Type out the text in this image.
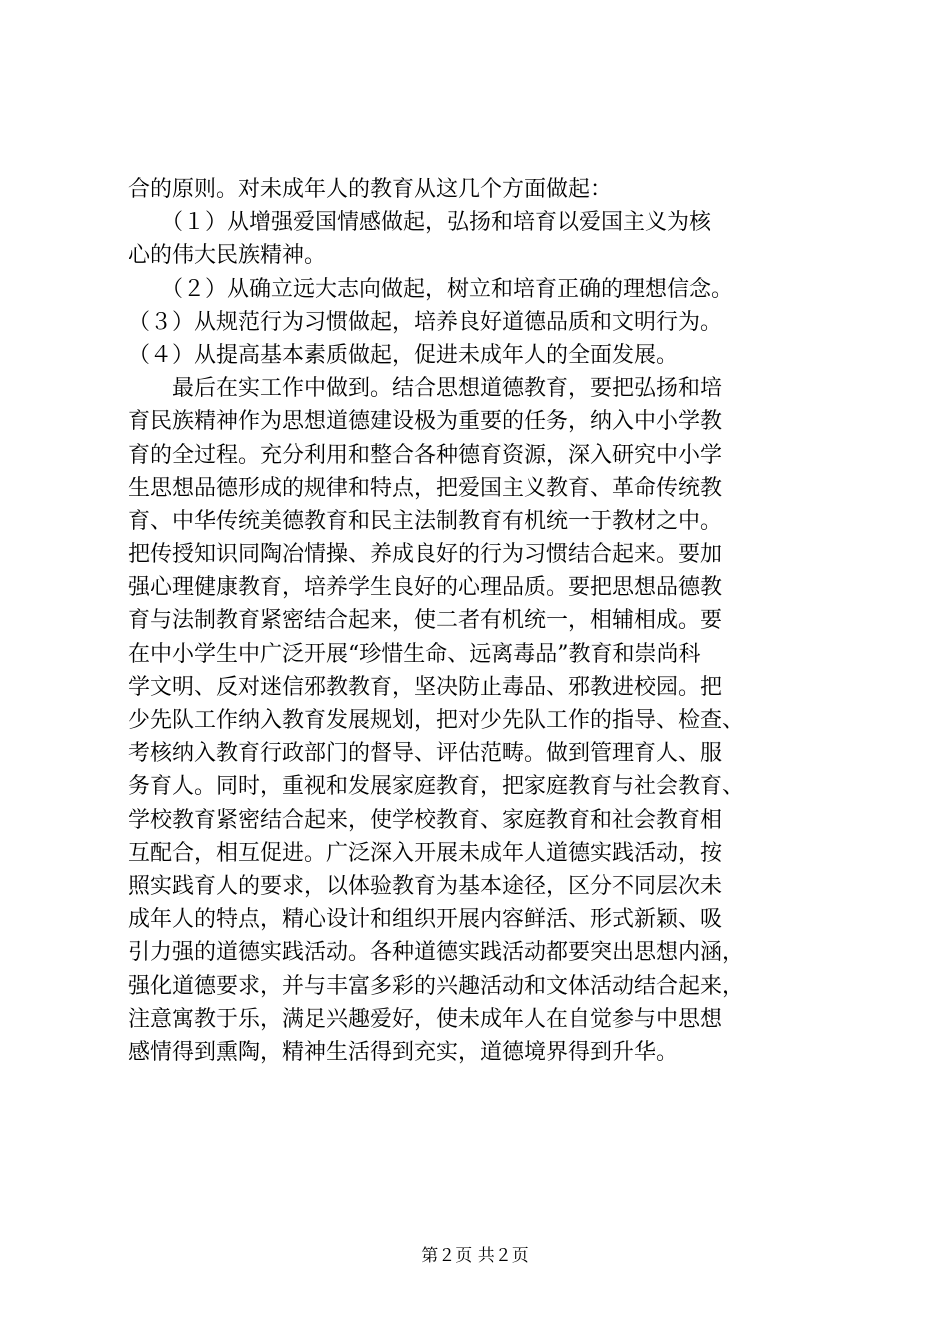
合的原则。对未成年人的教育从这几个方面做起：
　　（１）从增强爱国情感做起，弘扬和培育以爱国主义为核
心的伟大民族精神。
　　（２）从确立远大志向做起，树立和培育正确的理想信念。
（３）从规范行为习惯做起，培养良好道德品质和文明行为。
（４）从提高基本素质做起，促进未成年人的全面发展。
　　最后在实工作中做到。结合思想道德教育，要把弘扬和培
育民族精神作为思想道德建设极为重要的任务，纳入中小学教
育的全过程。充分利用和整合各种德育资源，深入研究中小学
生思想品德形成的规律和特点，把爱国主义教育、革命传统教
育、中华传统美德教育和民主法制教育有机统一于教材之中。
把传授知识同陶冶情操、养成良好的行为习惯结合起来。要加
强心理健康教育，培养学生良好的心理品质。要把思想品德教
育与法制教育紧密结合起来，使二者有机统一，相辅相成。要
在中小学生中广泛开展“珍惜生命、远离毒品”教育和崇尚科
学文明、反对迷信邪教教育，坚决防止毒品、邪教进校园。把
少先队工作纳入教育发展规划，把对少先队工作的指导、检查、
考核纳入教育行政部门的督导、评估范畴。做到管理育人、服
务育人。同时，重视和发展家庭教育，把家庭教育与社会教育、
学校教育紧密结合起来，使学校教育、家庭教育和社会教育相
互配合，相互促进。广泛深入开展未成年人道德实践活动，按
照实践育人的要求，以体验教育为基本途径，区分不同层次未
成年人的特点，精心设计和组织开展内容鲜活、形式新颖、吸
引力强的道德实践活动。各种道德实践活动都要突出思想内涵，
强化道德要求，并与丰富多彩的兴趣活动和文体活动结合起来，
注意寓教于乐，满足兴趣爱好，使未成年人在自觉参与中思想
感情得到熏陶，精神生活得到充实，道德境界得到升华。
第２页 共２页
